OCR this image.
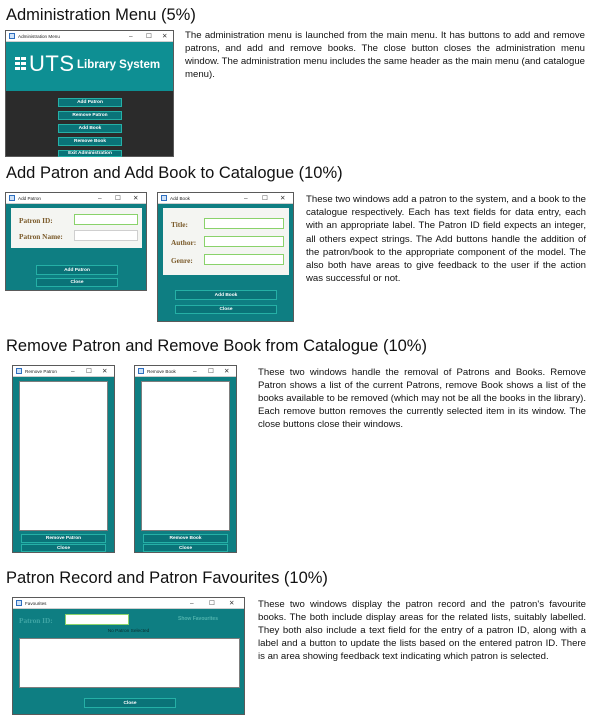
Administration Menu (5%)
Administration Menu	– ☐ ✕
UTS Library System
Add Patron
Remove Patron
Add Book
Remove Book
Exit Administration
The administration menu is launched from the main menu. It has buttons to add and remove patrons, and add and remove books. The close button closes the administration menu window. The administration menu includes the same header as the main menu (and catalogue menu).
Add Patron and Add Book to Catalogue (10%)
Add Patron	– ☐ ✕
Patron ID:
Patron Name:
Add Patron
Close
Add Book	– ☐ ✕
Title:
Author:
Genre:
Add Book
Close
These two windows add a patron to the system, and a book to the catalogue respectively. Each has text fields for data entry, each with an appropriate label. The Patron ID field expects an integer, all others expect strings. The Add buttons handle the addition of the patron/book to the appropriate component of the model. The also both have areas to give feedback to the user if the action was successful or not.
Remove Patron and Remove Book from Catalogue (10%)
Remove Patron – ☐ ✕
Remove Patron
Close
Remove Book	– ☐ ✕
Remove Book
Close
These two windows handle the removal of Patrons and Books. Remove Patron shows a list of the current Patrons, remove Book shows a list of the books available to be removed (which may not be all the books in the library). Each remove button removes the currently selected item in its window. The close buttons close their windows.
Patron Record and Patron Favourites (10%)
Favourites	– ☐ ✕
Patron ID:	Show Favourites
No Patron Selected
Close
These two windows display the patron record and the patron's favourite books. The both include display areas for the related lists, suitably labelled. They both also include a text field for the entry of a patron ID, along with a label and a button to update the lists based on the entered patron ID. There is an area showing feedback text indicating which patron is selected.
